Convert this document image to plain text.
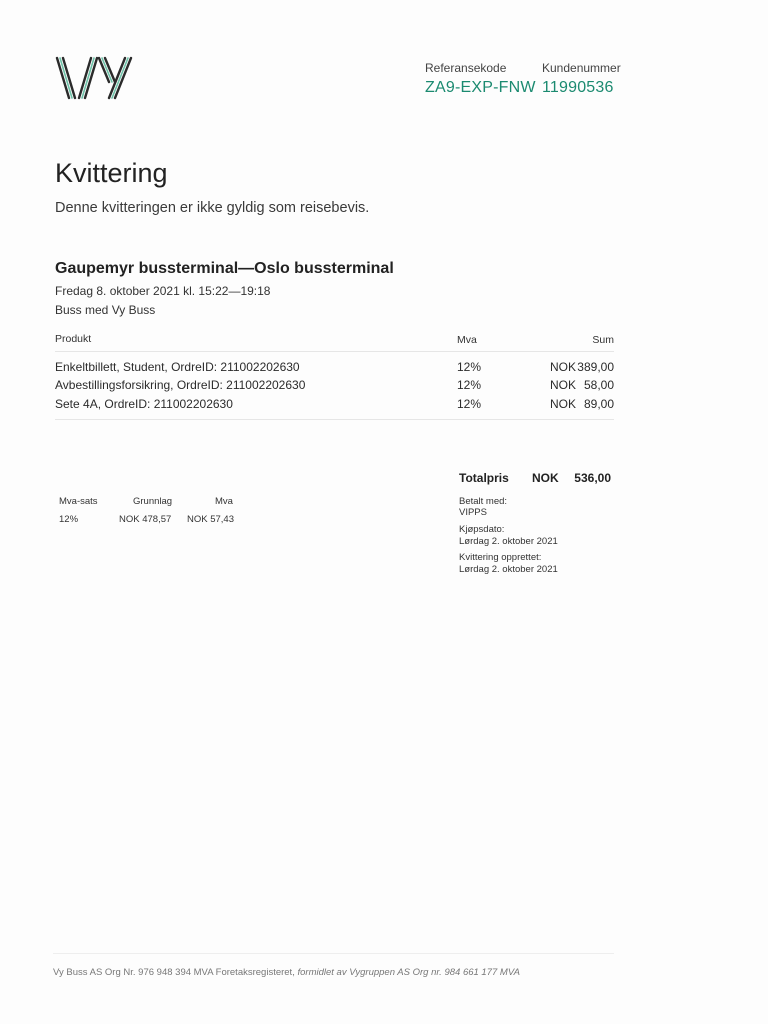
Referansekode
ZA9-EXP-FNW
Kundenummer
11990536
Kvittering
Denne kvitteringen er ikke gyldig som reisebevis.
Gaupemyr bussterminal—Oslo bussterminal
Fredag 8. oktober 2021 kl. 15:22—19:18
Buss med Vy Buss
Produkt	Mva	Sum
Enkeltbillett, Student, OrdreID: 211002202630	12%	NOK 389,00
Avbestillingsforsikring, OrdreID: 211002202630	12%	NOK 58,00
Sete 4A, OrdreID: 211002202630	12%	NOK 89,00
Totalpris NOK	536,00
Mva-sats	Grunnlag	Mva
12%	NOK 478,57 NOK 57,43
Betalt med:
VIPPS
Kjøpsdato:
Lørdag 2. oktober 2021
Kvittering opprettet:
Lørdag 2. oktober 2021
Vy Buss AS Org Nr. 976 948 394 MVA Foretaksregisteret, formidlet av Vygruppen AS Org nr. 984 661 177 MVA
